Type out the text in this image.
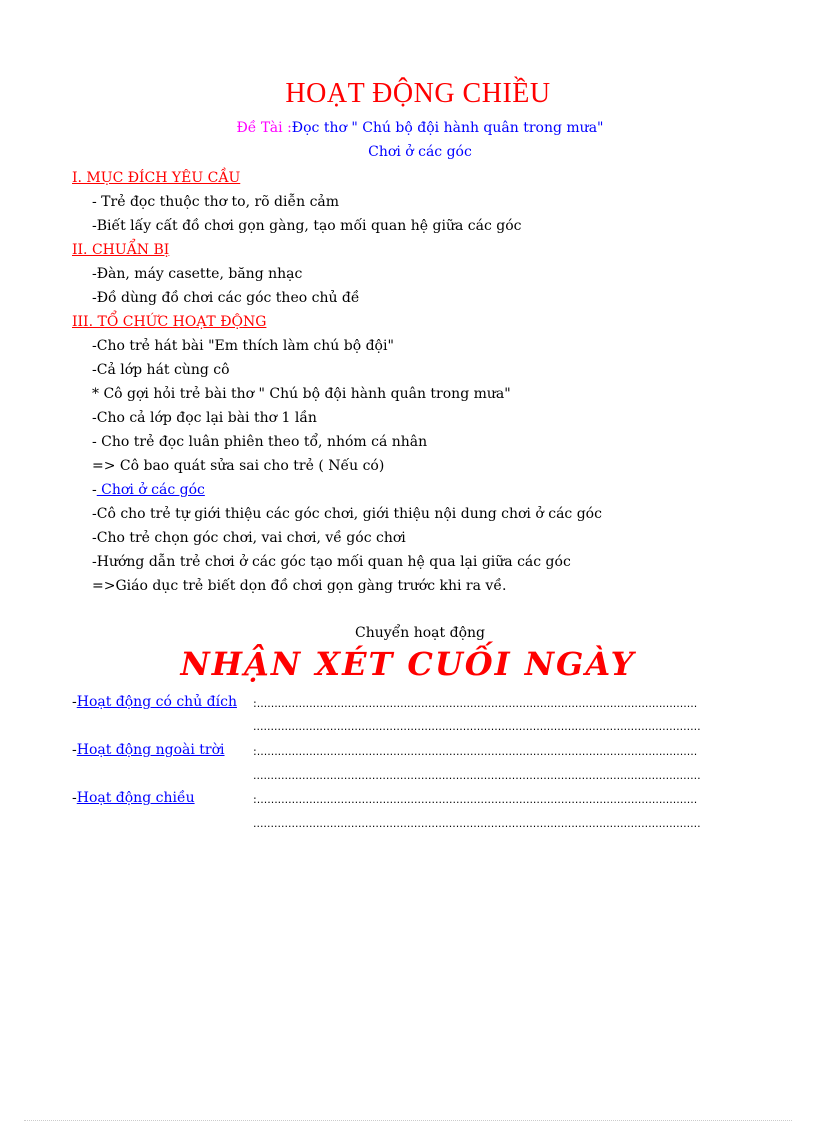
HOẠT ĐỘNG CHIỀU
Đề Tài :Đọc thơ " Chú bộ đội hành quân trong mưa"
Chơi ở các góc
I. MỤC ĐÍCH YÊU CẦU
- Trẻ đọc thuộc thơ to, rõ diễn cảm
-Biết lấy cất đồ chơi gọn gàng, tạo mối quan hệ giữa các góc
II. CHUẨN BỊ
-Đàn, máy casette, băng nhạc
-Đồ dùng đồ chơi các góc theo chủ đề
III. TỔ CHỨC HOẠT ĐỘNG
-Cho trẻ hát bài "Em thích làm chú bộ đội"
-Cả lớp hát cùng cô
* Cô gợi hỏi trẻ bài thơ " Chú bộ đội hành quân trong mưa"
-Cho cả lớp đọc lại bài thơ 1 lần
- Cho trẻ đọc luân phiên theo tổ, nhóm cá nhân
=> Cô bao quát sửa sai cho trẻ ( Nếu có)
- Chơi ở các góc
-Cô cho trẻ tự giới thiệu các góc chơi, giới thiệu nội dung chơi ở các góc
-Cho trẻ chọn góc chơi, vai chơi, về góc chơi
-Hướng dẫn trẻ chơi ở các góc tạo mối quan hệ qua lại giữa các góc
=>Giáo dục trẻ biết dọn đồ chơi gọn gàng trước khi ra về.
Chuyển hoạt động
NHẬN XÉT CUỐI NGÀY
-Hoạt động có chủ đích :..............................................................................................................................
................................................................................................................................
-Hoạt động ngoài trời	:..............................................................................................................................
................................................................................................................................
-Hoạt động chiều	:..............................................................................................................................
................................................................................................................................
